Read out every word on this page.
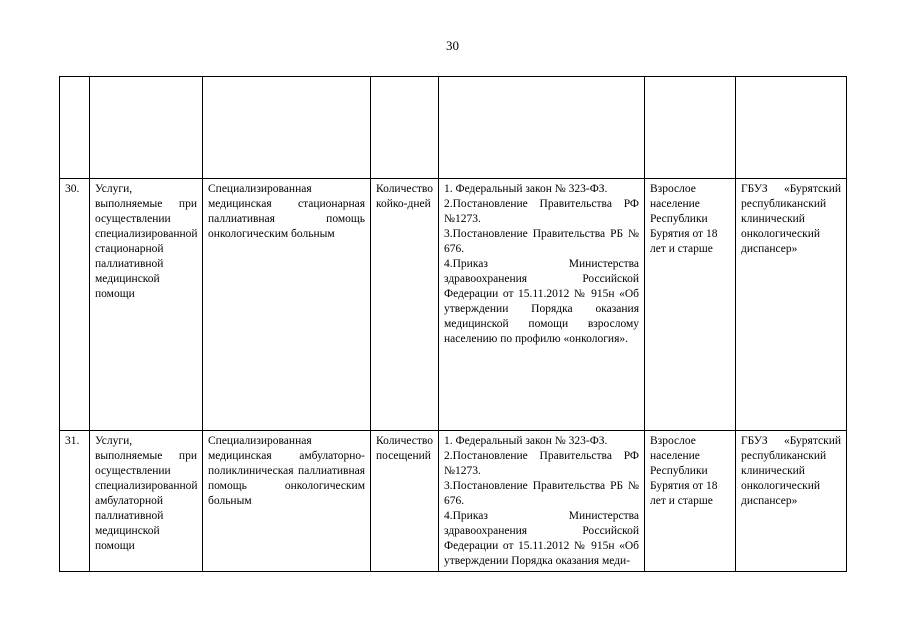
30

30.	Услуги, выполняемые при осуществлении специализированной стационарной паллиативной медицинской помощи	Специализированная медицинская стационарная паллиативная помощь онкологическим больным	Количество койко-дней	1. Федеральный закон № 323-ФЗ.
2.Постановление Правительства РФ №1273.
3.Постановление Правительства РБ № 676.
4.Приказ Министерства здравоохранения Российской Федерации от 15.11.2012 № 915н «Об утверждении Порядка оказания медицинской помощи взрослому населению по профилю «онкология».	Взрослое население Республики Бурятия от 18 лет и старше	ГБУЗ «Бурятский республиканский клинический онкологический диспансер»
31.	Услуги, выполняемые при осуществлении специализированной амбулаторной паллиативной медицинской помощи	Специализированная медицинская амбулаторно-поликлиническая паллиативная помощь онкологическим больным	Количество посещений	1. Федеральный закон № 323-ФЗ.
2.Постановление Правительства РФ №1273.
3.Постановление Правительства РБ № 676.
4.Приказ Министерства здравоохранения Российской Федерации от 15.11.2012 № 915н «Об утверждении Порядка оказания меди-	Взрослое население Республики Бурятия от 18 лет и старше	ГБУЗ «Бурятский республиканский клинический онкологический диспансер»
